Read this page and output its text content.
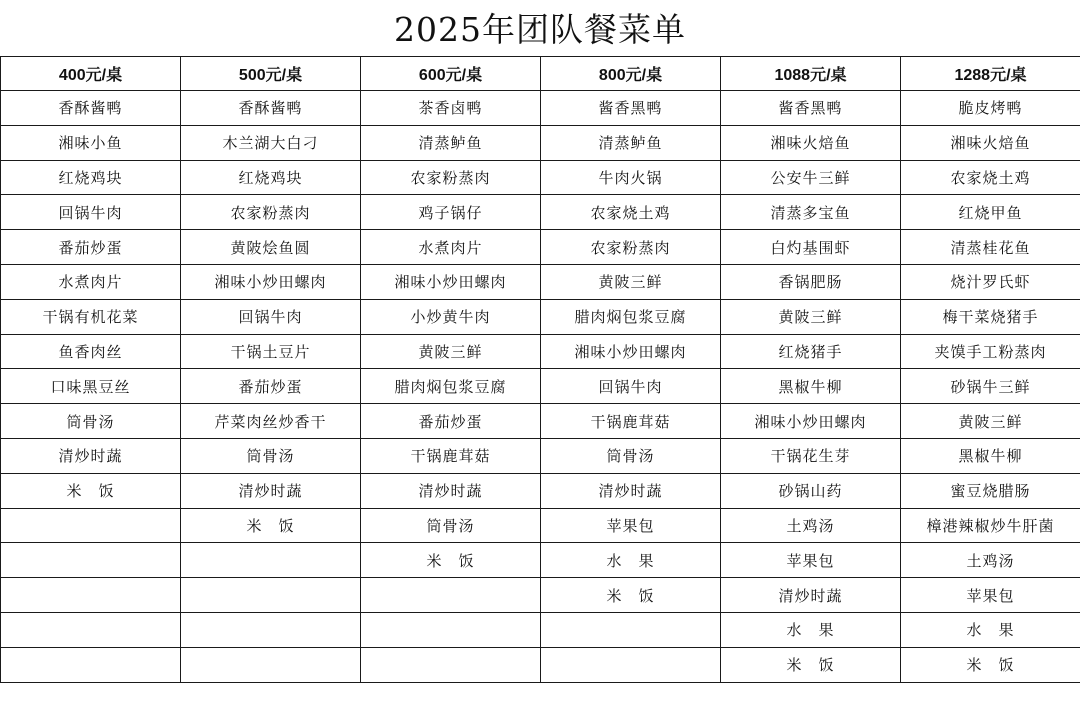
2025年团队餐菜单
400元/桌	500元/桌	600元/桌	800元/桌	1088元/桌	1288元/桌
香酥酱鸭	香酥酱鸭	茶香卤鸭	酱香黑鸭	酱香黑鸭	脆皮烤鸭
湘味小鱼	木兰湖大白刁	清蒸鲈鱼	清蒸鲈鱼	湘味火焙鱼	湘味火焙鱼
红烧鸡块	红烧鸡块	农家粉蒸肉	牛肉火锅	公安牛三鲜	农家烧土鸡
回锅牛肉	农家粉蒸肉	鸡子锅仔	农家烧土鸡	清蒸多宝鱼	红烧甲鱼
番茄炒蛋	黄陂烩鱼圆	水煮肉片	农家粉蒸肉	白灼基围虾	清蒸桂花鱼
水煮肉片	湘味小炒田螺肉	湘味小炒田螺肉	黄陂三鲜	香锅肥肠	烧汁罗氏虾
干锅有机花菜	回锅牛肉	小炒黄牛肉	腊肉焖包浆豆腐	黄陂三鲜	梅干菜烧猪手
鱼香肉丝	干锅土豆片	黄陂三鲜	湘味小炒田螺肉	红烧猪手	夹馍手工粉蒸肉
口味黑豆丝	番茄炒蛋	腊肉焖包浆豆腐	回锅牛肉	黑椒牛柳	砂锅牛三鲜
筒骨汤	芹菜肉丝炒香干	番茄炒蛋	干锅鹿茸菇	湘味小炒田螺肉	黄陂三鲜
清炒时蔬	筒骨汤	干锅鹿茸菇	筒骨汤	干锅花生芽	黑椒牛柳
米　饭	清炒时蔬	清炒时蔬	清炒时蔬	砂锅山药	蜜豆烧腊肠
	米　饭	筒骨汤	苹果包	土鸡汤	樟港辣椒炒牛肝菌
		米　饭	水　果	苹果包	土鸡汤
			米　饭	清炒时蔬	苹果包
				水　果	水　果
				米　饭	米　饭
